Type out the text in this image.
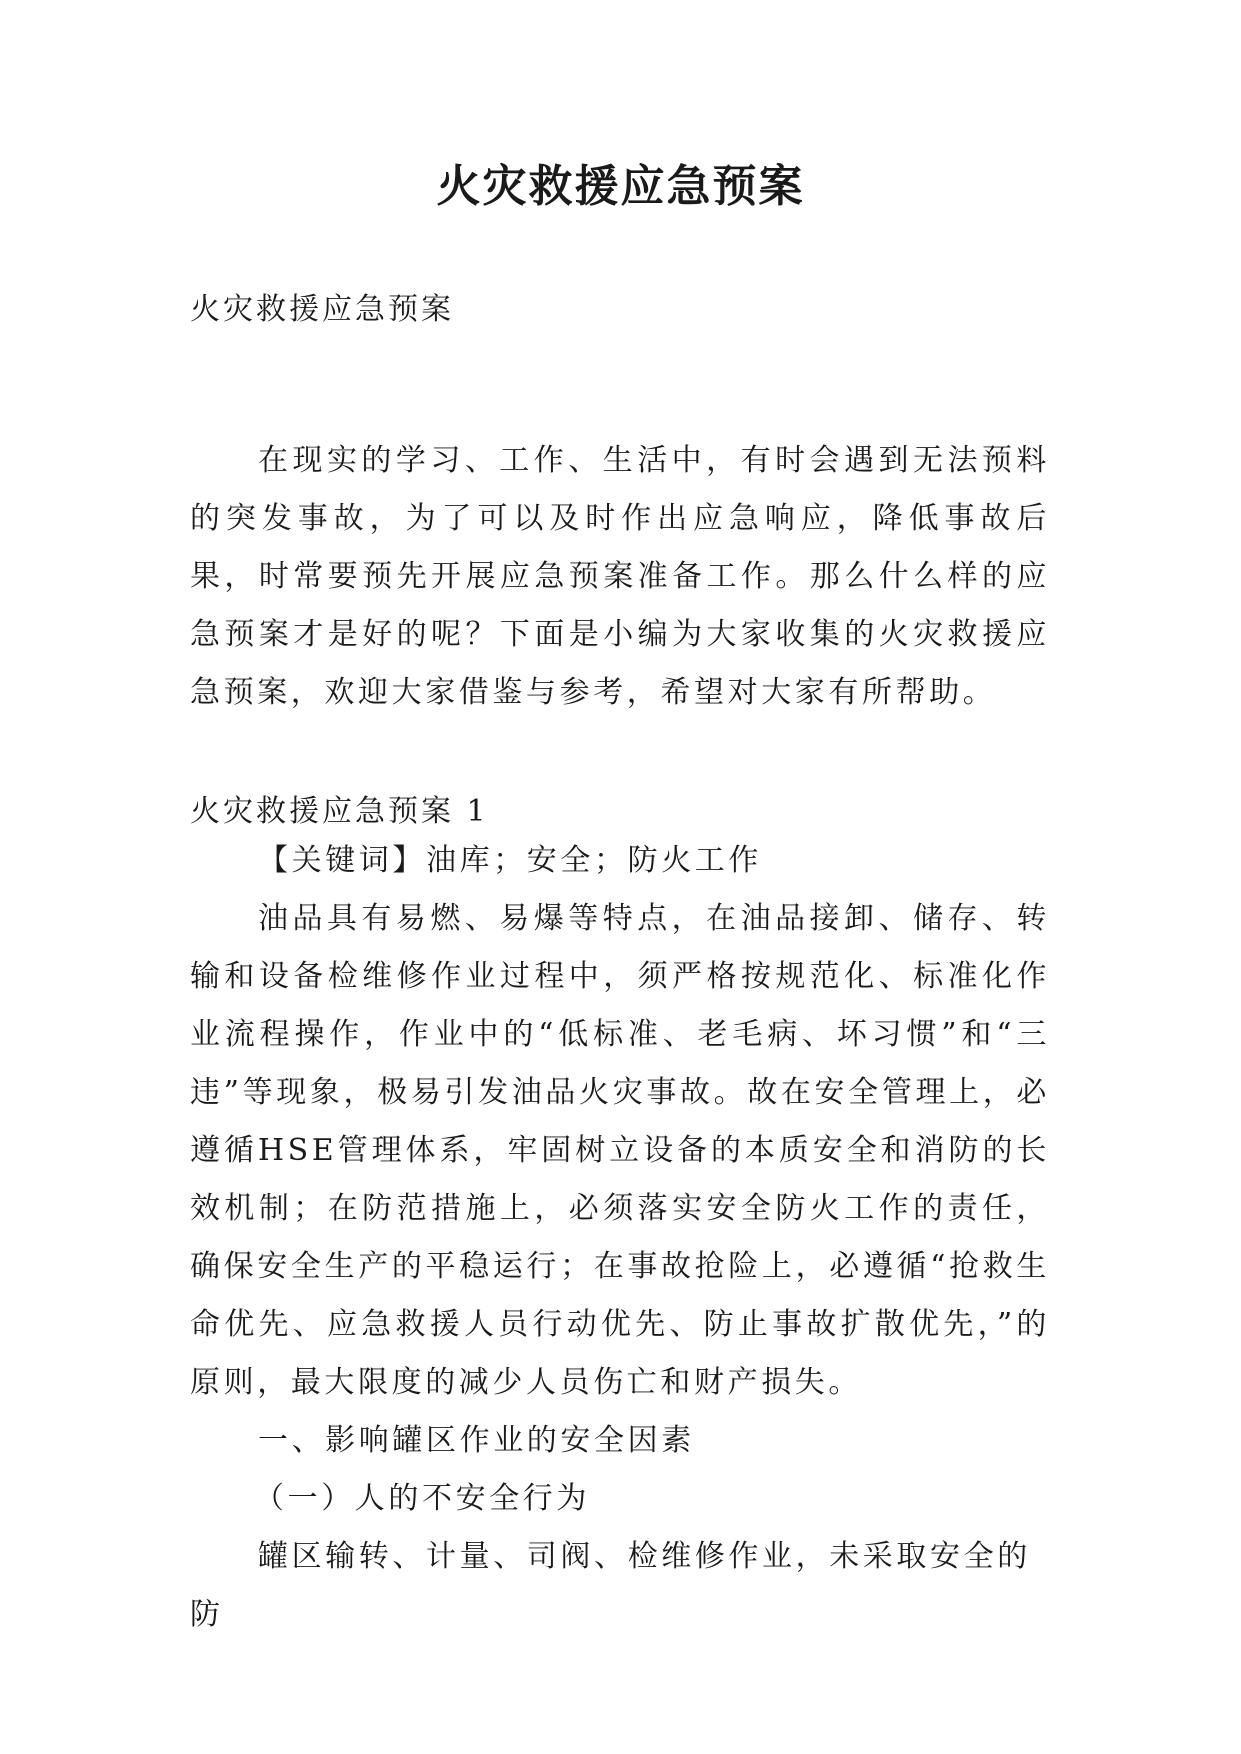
火灾救援应急预案

火灾救援应急预案

在现实的学习、工作、生活中，有时会遇到无法预料的突发事故，为了可以及时作出应急响应，降低事故后果，时常要预先开展应急预案准备工作。那么什么样的应急预案才是好的呢？下面是小编为大家收集的火灾救援应急预案，欢迎大家借鉴与参考，希望对大家有所帮助。

火灾救援应急预案 1

【关键词】油库；安全；防火工作

油品具有易燃、易爆等特点，在油品接卸、储存、转输和设备检维修作业过程中，须严格按规范化、标准化作业流程操作，作业中的“低标准、老毛病、坏习惯”和“三违”等现象，极易引发油品火灾事故。故在安全管理上，必遵循HSE管理体系，牢固树立设备的本质安全和消防的长效机制；在防范措施上，必须落实安全防火工作的责任，确保安全生产的平稳运行；在事故抢险上，必遵循“抢救生命优先、应急救援人员行动优先、防止事故扩散优先，”的原则，最大限度的减少人员伤亡和财产损失。

一、影响罐区作业的安全因素

（一）人的不安全行为

罐区输转、计量、司阀、检维修作业，未采取安全的防
